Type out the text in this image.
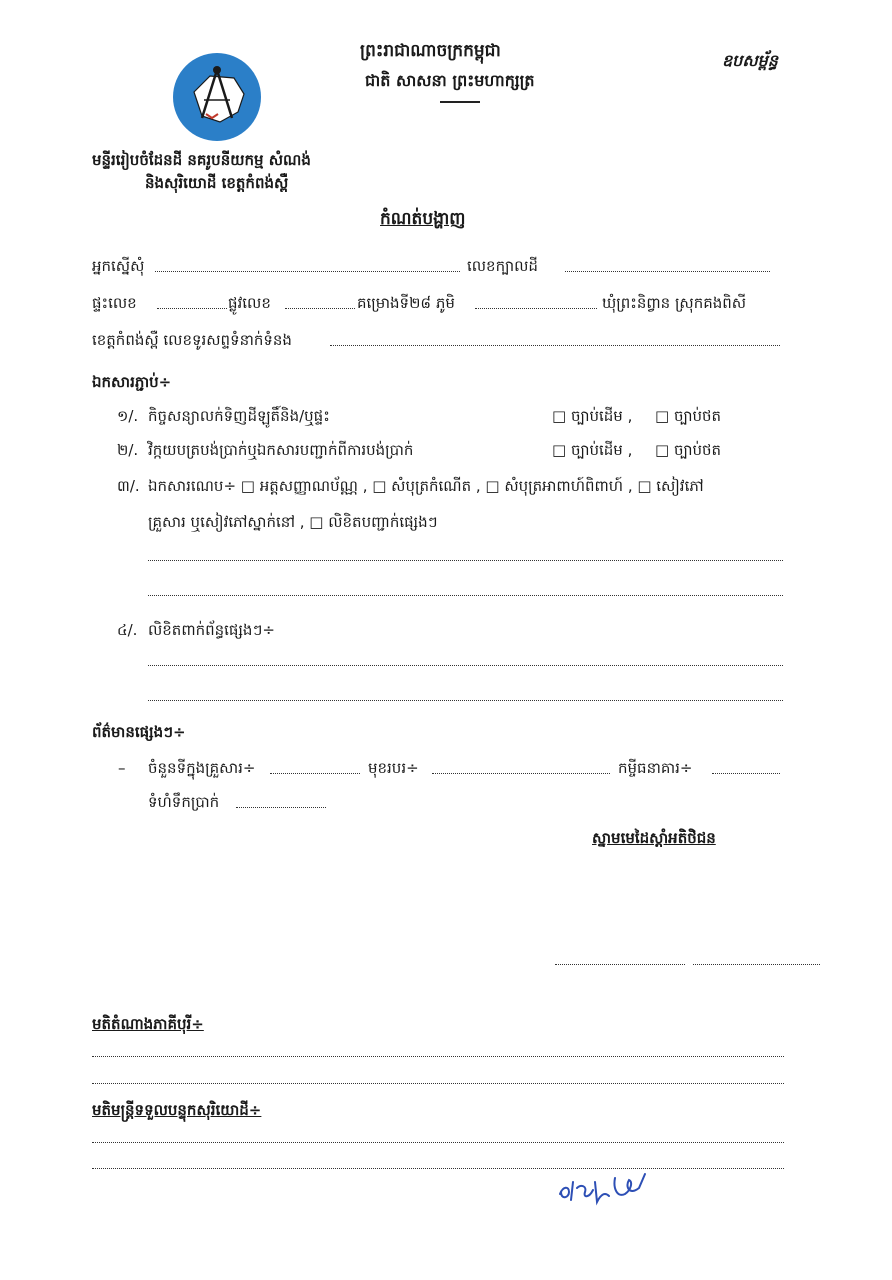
មន្ទីររៀបចំដែនដី នគរូបនីយកម្ម សំណង់
និងសុរិយោដី ខេត្តកំពង់ស្ពឺ
ព្រះរាជាណាចក្រកម្ពុជា
ជាតិ សាសនា ព្រះមហាក្សត្រ
ឧបសម្ព័ន្ធ
កំណត់បង្ហាញ
អ្នកស្នើសុំ	លេខក្បាលដី
ផ្ទះលេខ	ផ្លូវលេខ	គម្រោងទី២៨ ភូមិ	ឃុំព្រះនិព្វាន ស្រុកគងពិសី
ខេត្តកំពង់ស្ពឺ លេខទូរសព្ទទំនាក់ទំនង
ឯកសារភ្ជាប់÷
១/. កិច្ចសន្យាលក់ទិញដីឡូតិ៍និង/ឬផ្ទះ	□ ច្បាប់ដើម , □ ច្បាប់ថត
២/. វិក្កយបត្របង់ប្រាក់ឬឯកសារបញ្ជាក់ពីការបង់ប្រាក់	□ ច្បាប់ដើម , □ ច្បាប់ថត
៣/. ឯកសារណេប÷ □ អត្តសញ្ញាណប័ណ្ណ , □ សំបុត្រកំណើត , □ សំបុត្រអាពាហ៍ពិពាហ៍ , □ សៀវភៅ
គ្រួសារ ឬសៀវភៅស្នាក់នៅ , □ លិខិតបញ្ជាក់ផ្សេងៗ
៤/. លិខិតពាក់ព័ន្ធផ្សេងៗ÷
ព័ត៌មានផ្សេងៗ÷
– ចំនួនទីក្នុងគ្រួសារ÷	មុខរបរ÷	កម្ចីធនាគារ÷
ទំហំទឹកប្រាក់
ស្នាមមេដៃស្តាំអតិថិជន
មតិតំណាងភាគីបុរី÷
មតិមន្ត្រីទទួលបន្ទុកសុរិយោដី÷
